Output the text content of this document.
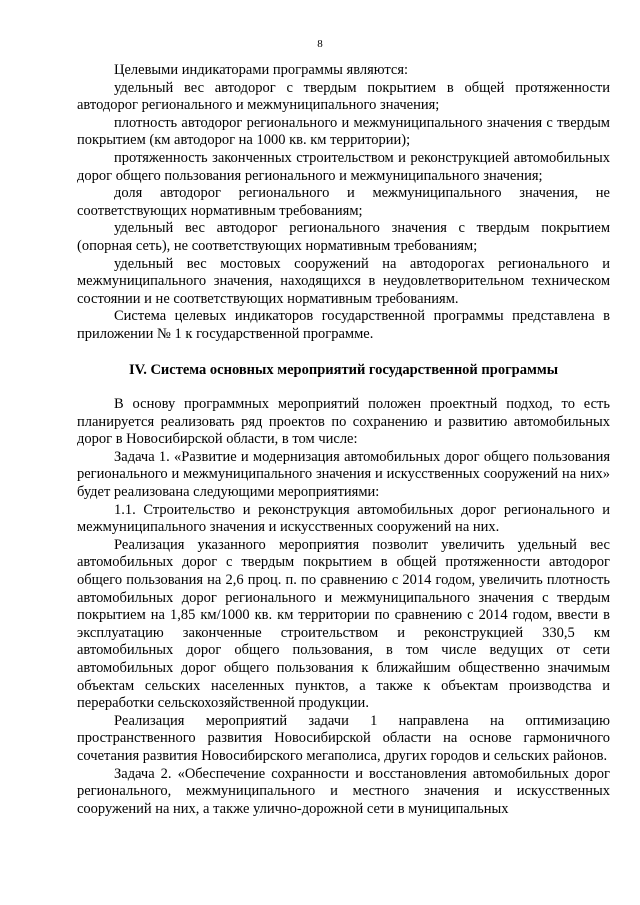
8

Целевыми индикаторами программы являются:

удельный вес автодорог с твердым покрытием в общей протяженности автодорог регионального и межмуниципального значения;

плотность автодорог регионального и межмуниципального значения с твердым покрытием (км автодорог на 1000 кв. км территории);

протяженность законченных строительством и реконструкцией автомобильных дорог общего пользования регионального и межмуниципального значения;

доля автодорог регионального и межмуниципального значения, не соответствующих нормативным требованиям;

удельный вес автодорог регионального значения с твердым покрытием (опорная сеть), не соответствующих нормативным требованиям;

удельный вес мостовых сооружений на автодорогах регионального и межмуниципального значения, находящихся в неудовлетворительном техническом состоянии и не соответствующих нормативным требованиям.

Система целевых индикаторов государственной программы представлена в приложении № 1 к государственной программе.

IV. Система основных мероприятий государственной программы

В основу программных мероприятий положен проектный подход, то есть планируется реализовать ряд проектов по сохранению и развитию автомобильных дорог в Новосибирской области, в том числе:

Задача 1. «Развитие и модернизация автомобильных дорог общего пользования регионального и межмуниципального значения и искусственных сооружений на них» будет реализована следующими мероприятиями:

1.1. Строительство и реконструкция автомобильных дорог регионального и межмуниципального значения и искусственных сооружений на них.

Реализация указанного мероприятия позволит увеличить удельный вес автомобильных дорог с твердым покрытием в общей протяженности автодорог общего пользования на 2,6 проц. п. по сравнению с 2014 годом, увеличить плотность автомобильных дорог регионального и межмуниципального значения с твердым покрытием на 1,85 км/1000 кв. км территории по сравнению с 2014 годом, ввести в эксплуатацию законченные строительством и реконструкцией 330,5 км автомобильных дорог общего пользования, в том числе ведущих от сети автомобильных дорог общего пользования к ближайшим общественно значимым объектам сельских населенных пунктов, а также к объектам производства и переработки сельскохозяйственной продукции.

Реализация мероприятий задачи 1 направлена на оптимизацию пространственного развития Новосибирской области на основе гармоничного сочетания развития Новосибирского мегаполиса, других городов и сельских районов.

Задача 2. «Обеспечение сохранности и восстановления автомобильных дорог регионального, межмуниципального и местного значения и искусственных сооружений на них, а также улично-дорожной сети в муниципальных
